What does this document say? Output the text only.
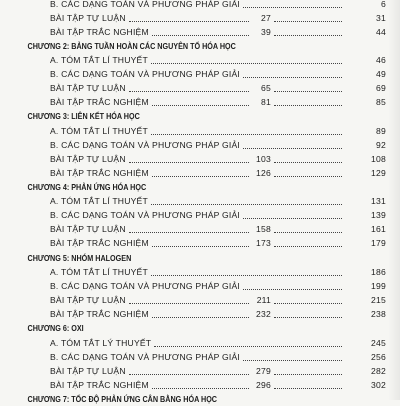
B. CÁC DẠNG TOÁN VÀ PHƯƠNG PHÁP GIẢI	6
BÀI TẬP TỰ LUẬN	27	31
BÀI TẬP TRẮC NGHIỆM	39	44
CHƯƠNG 2: BẢNG TUẦN HOÀN CÁC NGUYÊN TỐ HÓA HỌC
A. TÓM TẮT LÍ THUYẾT	46
B. CÁC DẠNG TOÁN VÀ PHƯƠNG PHÁP GIẢI	49
BÀI TẬP TỰ LUẬN	65	69
BÀI TẬP TRẮC NGHIỆM	81	85
CHƯƠNG 3: LIÊN KẾT HÓA HỌC
A. TÓM TẮT LÍ THUYẾT	89
B. CÁC DẠNG TOÁN VÀ PHƯƠNG PHÁP GIẢI	92
BÀI TẬP TỰ LUẬN	103	108
BÀI TẬP TRẮC NGHIỆM	126	129
CHƯƠNG 4: PHẢN ỨNG HÓA HỌC
A. TÓM TẮT LÍ THUYẾT	131
B. CÁC DẠNG TOÁN VÀ PHƯƠNG PHÁP GIẢI	139
BÀI TẬP TỰ LUẬN	158	161
BÀI TẬP TRẮC NGHIỆM	173	179
CHƯƠNG 5: NHÓM HALOGEN
A. TÓM TẮT LÍ THUYẾT	186
B. CÁC DẠNG TOÁN VÀ PHƯƠNG PHÁP GIẢI	199
BÀI TẬP TỰ LUẬN	211	215
BÀI TẬP TRẮC NGHIỆM	232	238
CHƯƠNG 6: OXI
A. TÓM TẮT LÝ THUYẾT	245
B. CÁC DẠNG TOÁN VÀ PHƯƠNG PHÁP GIẢI	256
BÀI TẬP TỰ LUẬN	279	282
BÀI TẬP TRẮC NGHIỆM	296	302
CHƯƠNG 7: TỐC ĐỘ PHẢN ỨNG CÂN BẰNG HÓA HỌC
